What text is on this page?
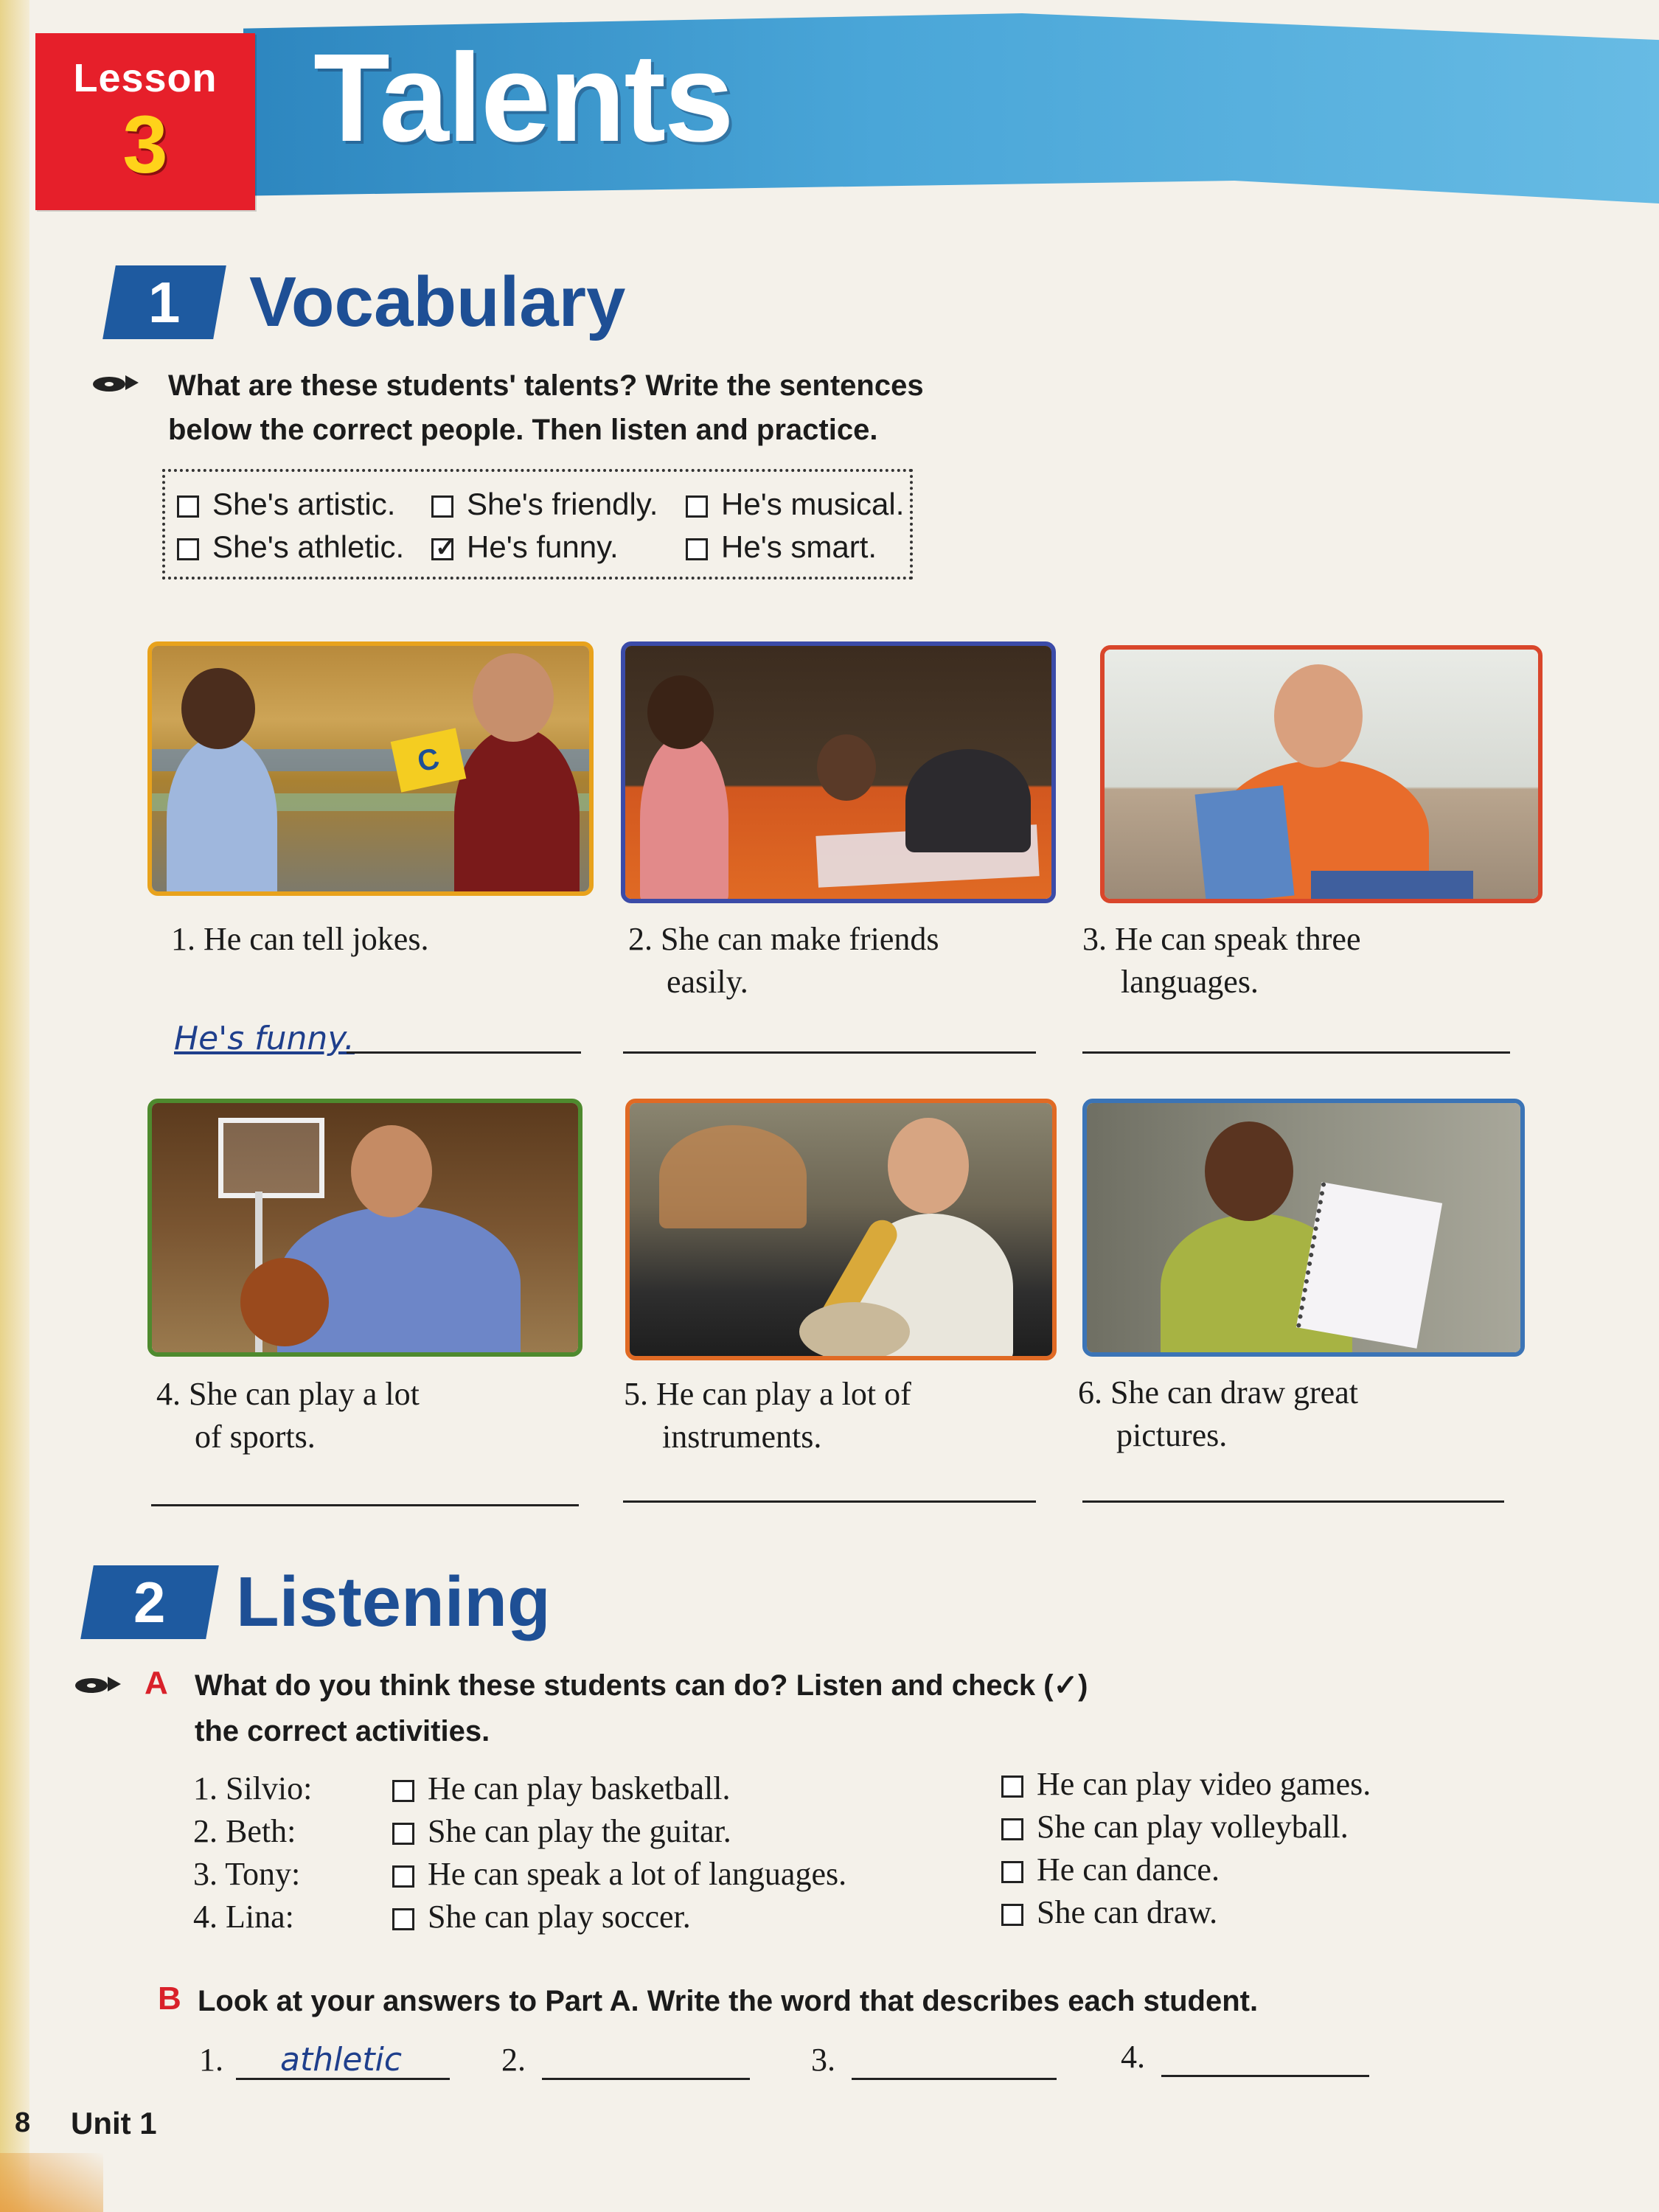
Lesson
3	Talents
1 Vocabulary
What are these students' talents? Write the sentences
below the correct people. Then listen and practice.
She's artistic.	She's friendly.	He's musical.
She's athletic. ✓ He's funny.	He's smart.
C
1. He can tell jokes.
He's funny.
2. She can make friends
easily.
3. He can speak three
languages.
4. She can play a lot
of sports.
5. He can play a lot of
instruments.
6. She can draw great
pictures.
2 Listening
A What do you think these students can do? Listen and check (✓)
the correct activities.
1. Silvio:	He can play basketball.	He can play video games.
2. Beth:	She can play the guitar.	She can play volleyball.
3. Tony:	He can speak a lot of languages.	He can dance.
4. Lina:	She can play soccer.	She can draw.
B Look at your answers to Part A. Write the word that describes each student.
1. athletic	2.	3.	4.
8 Unit 1
